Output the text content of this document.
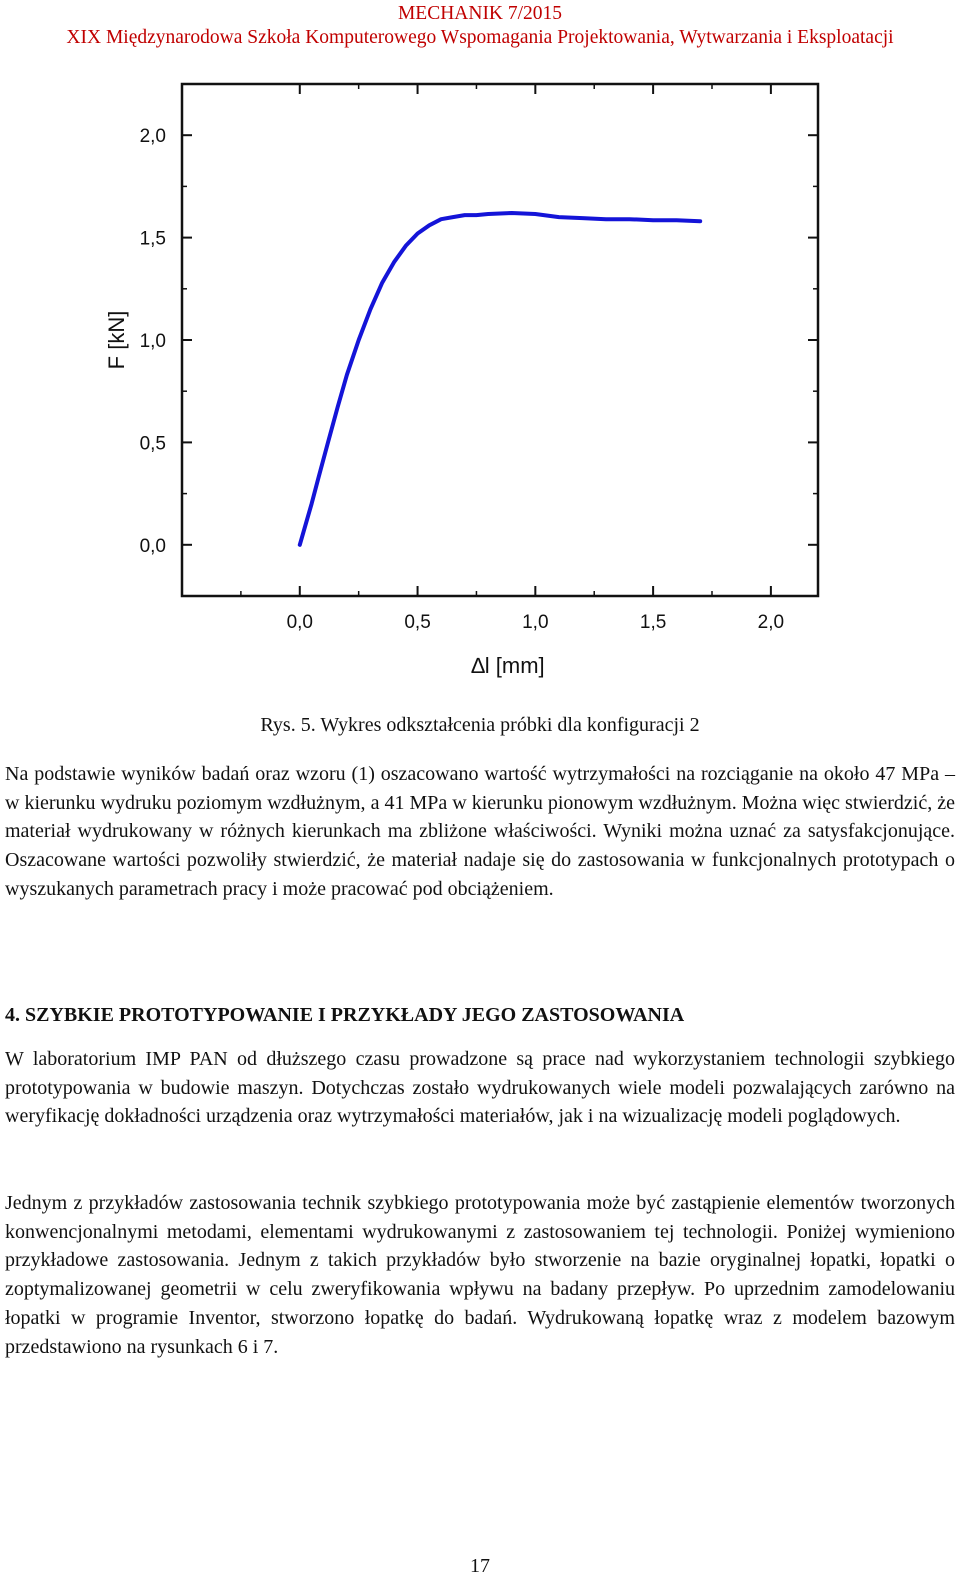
MECHANIK 7/2015
XIX Międzynarodowa Szkoła Komputerowego Wspomagania Projektowania, Wytwarzania i Eksploatacji
0,0	0,5	1,0	1,5	2,0
0,0
0,5
1,0
1,5
2,0
∆l [mm]
F [kN]
Rys. 5. Wykres odkształcenia próbki dla konfiguracji 2

Na podstawie wyników badań oraz wzoru (1) oszacowano wartość wytrzymałości na rozciąganie na około 47 MPa – w kierunku wydruku poziomym wzdłużnym, a 41 MPa w kierunku pionowym wzdłużnym. Można więc stwierdzić, że materiał wydrukowany w różnych kierunkach ma zbliżone właściwości. Wyniki można uznać za satysfakcjonujące. Oszacowane wartości pozwoliły stwierdzić, że materiał nadaje się do zastosowania w funkcjonalnych prototypach o wyszukanych parametrach pracy i może pracować pod obciążeniem.

4. SZYBKIE PROTOTYPOWANIE I PRZYKŁADY JEGO ZASTOSOWANIA

W laboratorium IMP PAN od dłuższego czasu prowadzone są prace nad wykorzystaniem technologii szybkiego prototypowania w budowie maszyn. Dotychczas zostało wydrukowanych wiele modeli pozwalających zarówno na weryfikację dokładności urządzenia oraz wytrzymałości materiałów, jak i na wizualizację modeli poglądowych.

Jednym z przykładów zastosowania technik szybkiego prototypowania może być zastąpienie elementów tworzonych konwencjonalnymi metodami, elementami wydrukowanymi z zastosowaniem tej technologii. Poniżej wymieniono przykładowe zastosowania. Jednym z takich przykładów było stworzenie na bazie oryginalnej łopatki, łopatki o zoptymalizowanej geometrii w celu zweryfikowania wpływu na badany przepływ. Po uprzednim zamodelowaniu łopatki w programie Inventor, stworzono łopatkę do badań. Wydrukowaną łopatkę wraz z modelem bazowym przedstawiono na rysunkach 6 i 7.

17
